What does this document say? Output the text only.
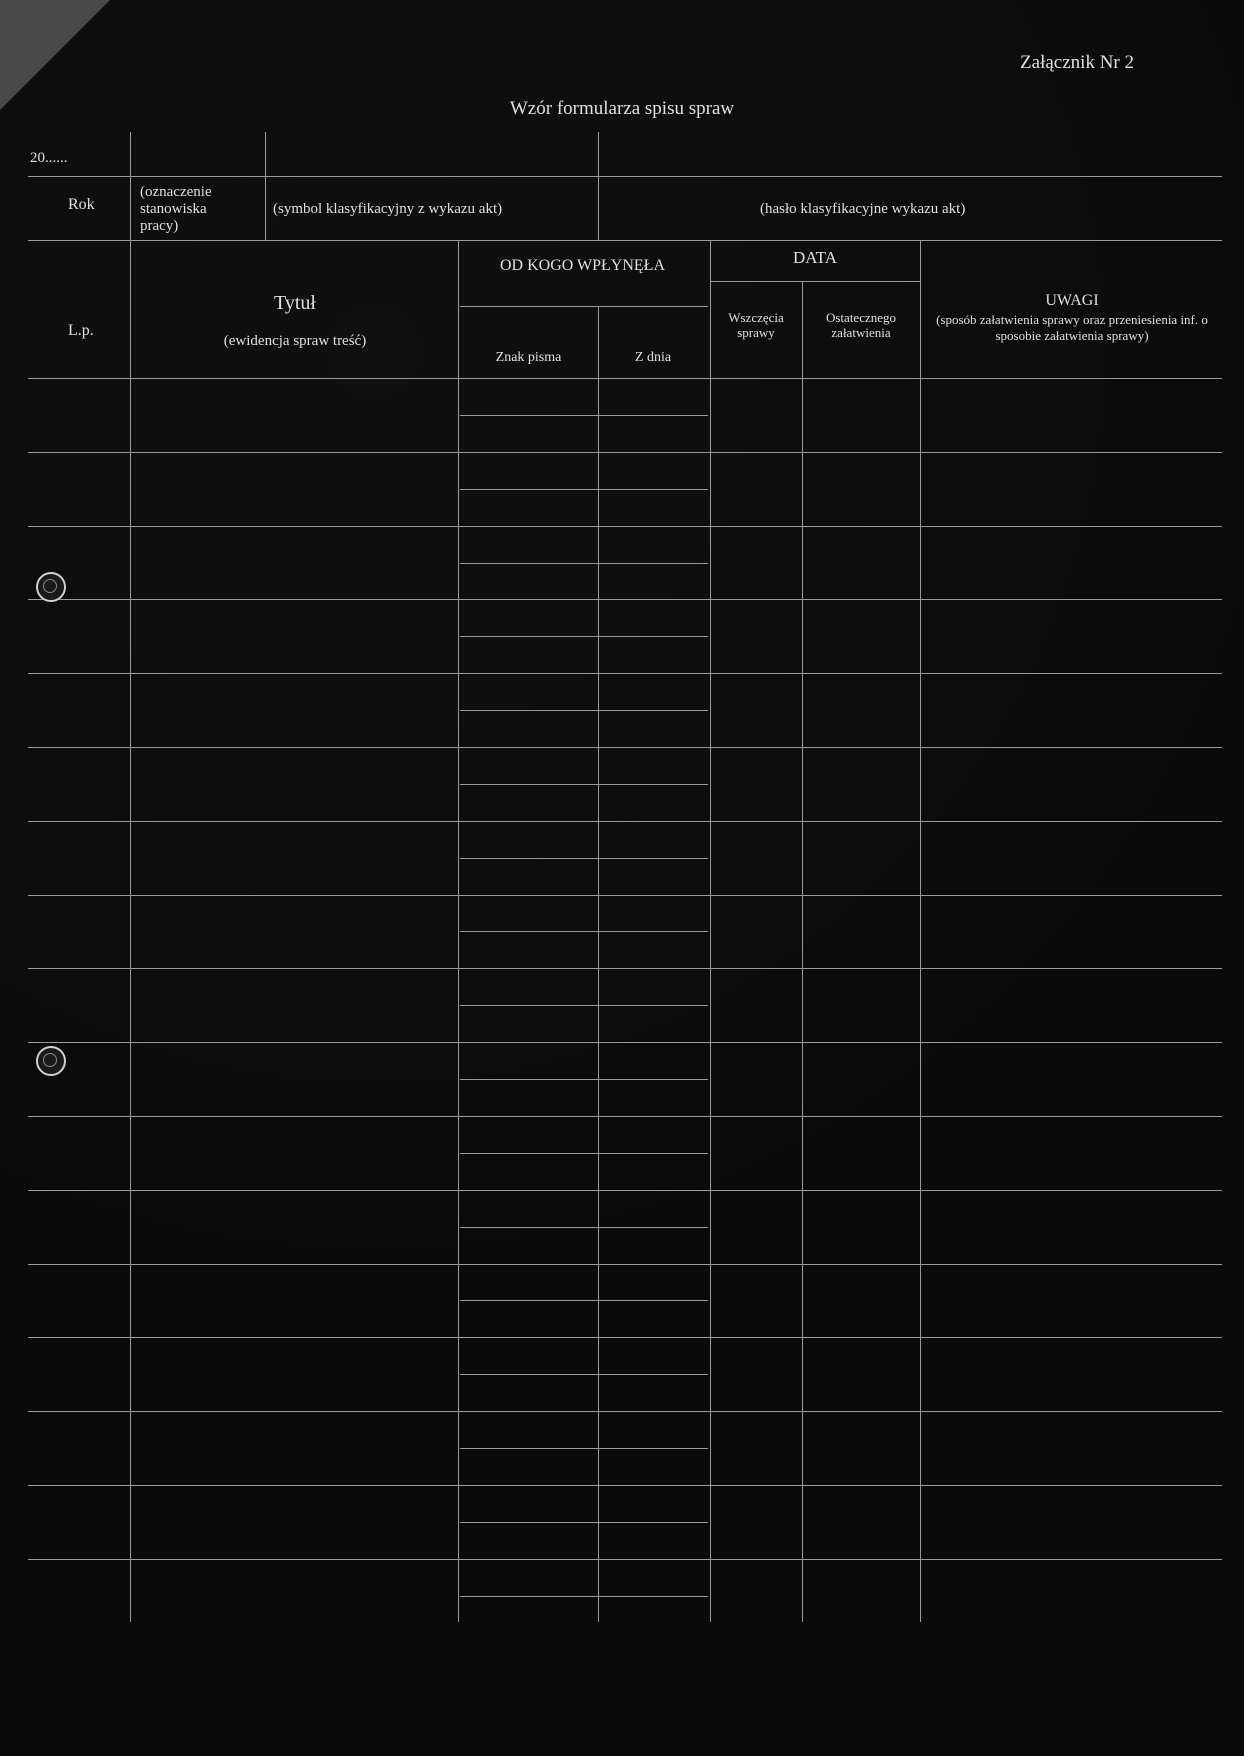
Załącznik Nr 2
Wzór formularza spisu spraw
20......
Rok
(oznaczenie stanowiska pracy)
(symbol klasyfikacyjny z wykazu akt)	(hasło klasyfikacyjne wykazu akt)
L.p.
Tytuł
(ewidencja spraw treść)
OD KOGO WPŁYNĘŁA
Znak pisma	Z dnia
DATA
Wszczęcia sprawy
Ostatecznego załatwienia
UWAGI
(sposób załatwienia sprawy oraz przeniesienia inf. o sposobie załatwienia sprawy)
